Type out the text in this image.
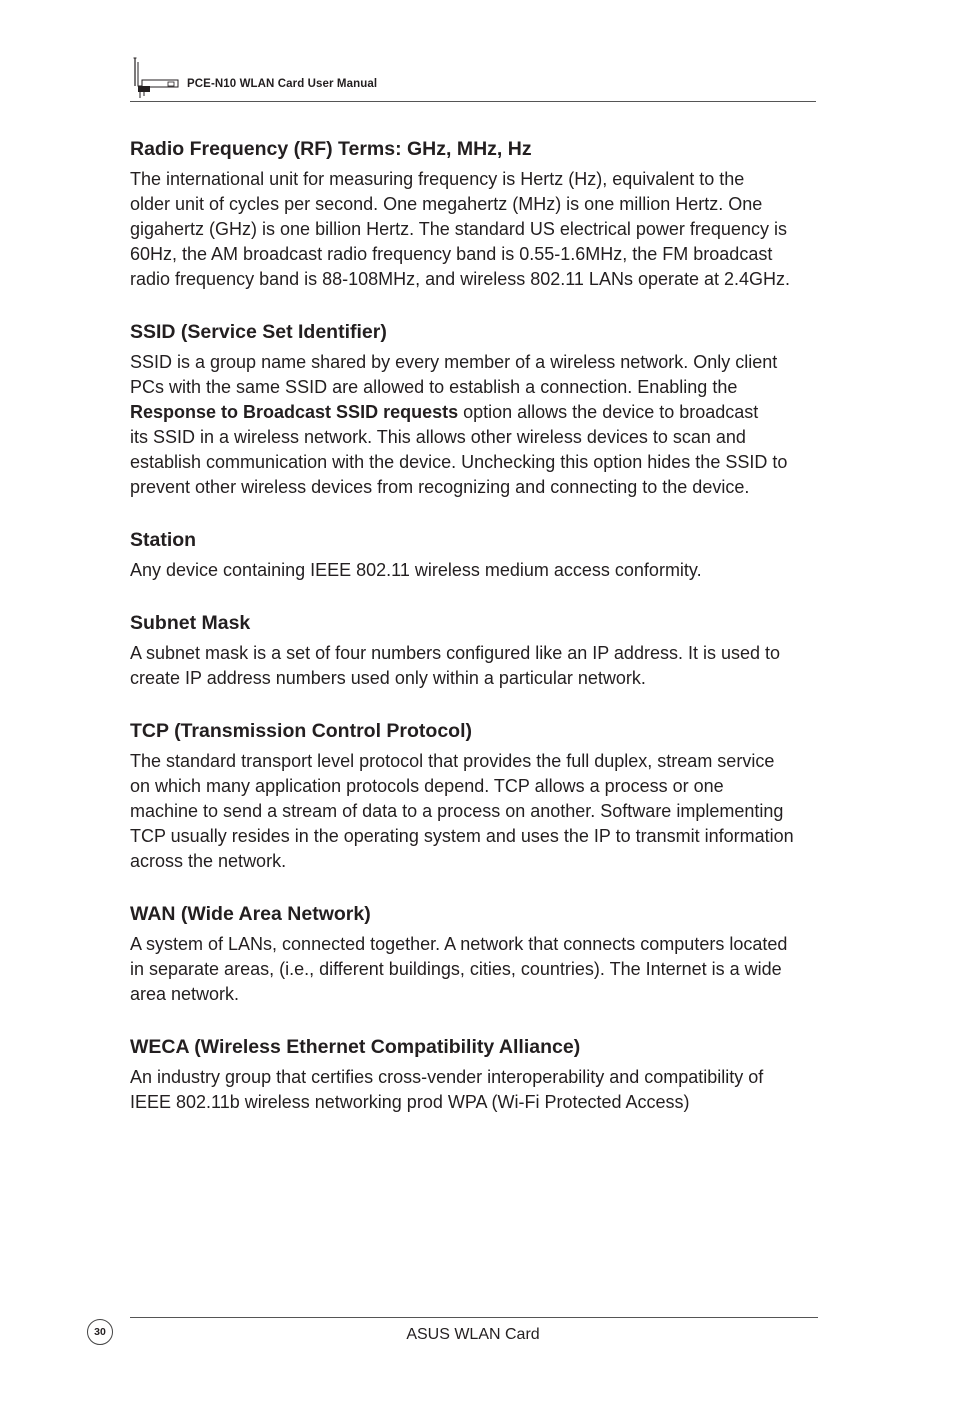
PCE-N10 WLAN Card User Manual
Radio Frequency (RF) Terms: GHz, MHz, Hz

The international unit for measuring frequency is Hertz (Hz), equivalent to the
older unit of cycles per second. One megahertz (MHz) is one million Hertz. One
gigahertz (GHz) is one billion Hertz. The standard US electrical power frequency is
60Hz, the AM broadcast radio frequency band is 0.55-1.6MHz, the FM broadcast
radio frequency band is 88-108MHz, and wireless 802.11 LANs operate at 2.4GHz.

SSID (Service Set Identifier)

SSID is a group name shared by every member of a wireless network. Only client
PCs with the same SSID are allowed to establish a connection. Enabling the
Response to Broadcast SSID requests option allows the device to broadcast
its SSID in a wireless network. This allows other wireless devices to scan and
establish communication with the device. Unchecking this option hides the SSID to
prevent other wireless devices from recognizing and connecting to the device.

Station

Any device containing IEEE 802.11 wireless medium access conformity.

Subnet Mask

A subnet mask is a set of four numbers configured like an IP address. It is used to
create IP address numbers used only within a particular network.

TCP (Transmission Control Protocol)

The standard transport level protocol that provides the full duplex, stream service
on which many application protocols depend. TCP allows a process or one
machine to send a stream of data to a process on another. Software implementing
TCP usually resides in the operating system and uses the IP to transmit information
across the network.

WAN (Wide Area Network)

A system of LANs, connected together. A network that connects computers located
in separate areas, (i.e., different buildings, cities, countries). The Internet is a wide
area network.

WECA (Wireless Ethernet Compatibility Alliance)

An industry group that certifies cross-vender interoperability and compatibility of
IEEE 802.11b wireless networking prod WPA (Wi-Fi Protected Access)

30	ASUS WLAN Card
